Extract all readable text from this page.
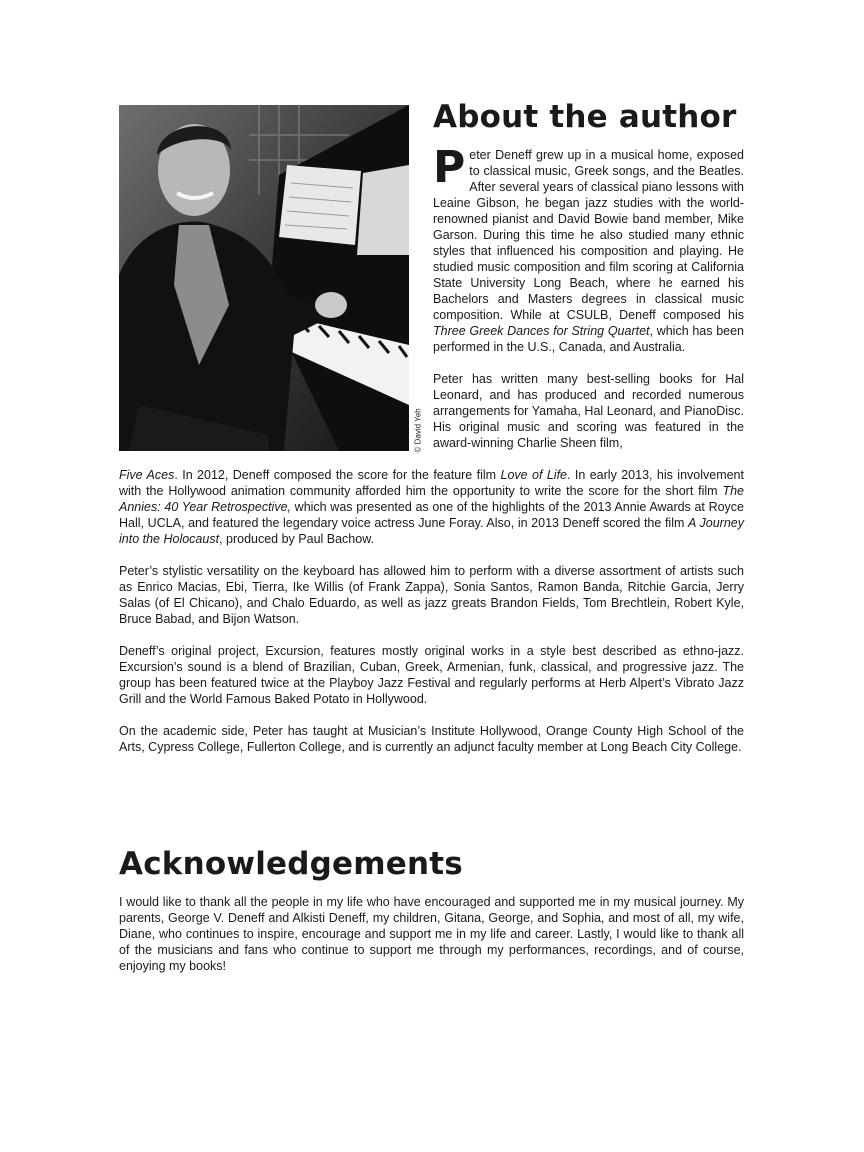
© David Yeh
About the author

Peter Deneff grew up in a musical home, exposed to classical music, Greek songs, and the Beatles. After several years of classical piano lessons with Leaine Gibson, he began jazz studies with the world-renowned pianist and David Bowie band member, Mike Garson. During this time he also studied many ethnic styles that influenced his composition and playing. He studied music composition and film scoring at California State University Long Beach, where he earned his Bachelors and Masters degrees in classical music composition. While at CSULB, Deneff composed his Three Greek Dances for String Quartet, which has been performed in the U.S., Canada, and Australia.

Peter has written many best-selling books for Hal Leonard, and has produced and recorded numerous arrangements for Yamaha, Hal Leonard, and PianoDisc. His original music and scoring was featured in the award-winning Charlie Sheen film,

Five Aces. In 2012, Deneff composed the score for the feature film Love of Life. In early 2013, his involvement with the Hollywood animation community afforded him the opportunity to write the score for the short film The Annies: 40 Year Retrospective, which was presented as one of the highlights of the 2013 Annie Awards at Royce Hall, UCLA, and featured the legendary voice actress June Foray. Also, in 2013 Deneff scored the film A Journey into the Holocaust, produced by Paul Bachow.

Peter’s stylistic versatility on the keyboard has allowed him to perform with a diverse assortment of artists such as Enrico Macias, Ebi, Tierra, Ike Willis (of Frank Zappa), Sonia Santos, Ramon Banda, Ritchie Garcia, Jerry Salas (of El Chicano), and Chalo Eduardo, as well as jazz greats Brandon Fields, Tom Brechtlein, Robert Kyle, Bruce Babad, and Bijon Watson.

Deneff’s original project, Excursion, features mostly original works in a style best described as ethno-jazz. Excursion’s sound is a blend of Brazilian, Cuban, Greek, Armenian, funk, classical, and progressive jazz. The group has been featured twice at the Playboy Jazz Festival and regularly performs at Herb Alpert’s Vibrato Jazz Grill and the World Famous Baked Potato in Hollywood.

On the academic side, Peter has taught at Musician’s Institute Hollywood, Orange County High School of the Arts, Cypress College, Fullerton College, and is currently an adjunct faculty member at Long Beach City College.

Acknowledgements

I would like to thank all the people in my life who have encouraged and supported me in my musical journey. My parents, George V. Deneff and Alkisti Deneff, my children, Gitana, George, and Sophia, and most of all, my wife, Diane, who continues to inspire, encourage and support me in my life and career. Lastly, I would like to thank all of the musicians and fans who continue to support me through my performances, recordings, and of course, enjoying my books!
